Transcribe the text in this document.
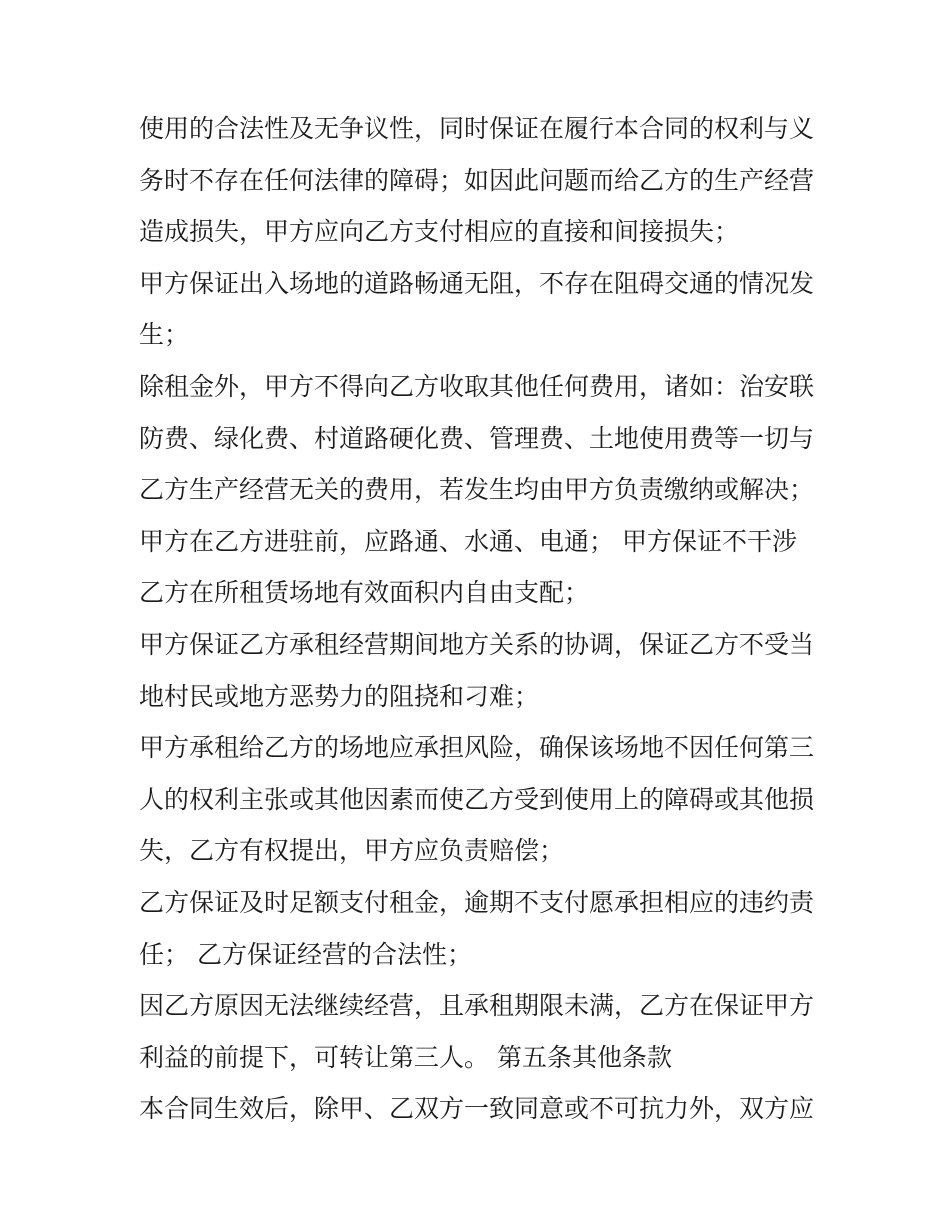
使用的合法性及无争议性，同时保证在履行本合同的权利与义
务时不存在任何法律的障碍；如因此问题而给乙方的生产经营
造成损失，甲方应向乙方支付相应的直接和间接损失；
甲方保证出入场地的道路畅通无阻，不存在阻碍交通的情况发
生；
除租金外，甲方不得向乙方收取其他任何费用，诸如：治安联
防费、绿化费、村道路硬化费、管理费、土地使用费等一切与
乙方生产经营无关的费用，若发生均由甲方负责缴纳或解决；
甲方在乙方进驻前，应路通、水通、电通； 甲方保证不干涉
乙方在所租赁场地有效面积内自由支配；
甲方保证乙方承租经营期间地方关系的协调，保证乙方不受当
地村民或地方恶势力的阻挠和刁难；
甲方承租给乙方的场地应承担风险，确保该场地不因任何第三
人的权利主张或其他因素而使乙方受到使用上的障碍或其他损
失，乙方有权提出，甲方应负责赔偿；
乙方保证及时足额支付租金，逾期不支付愿承担相应的违约责
任； 乙方保证经营的合法性；
因乙方原因无法继续经营，且承租期限未满，乙方在保证甲方
利益的前提下，可转让第三人。 第五条其他条款
本合同生效后，除甲、乙双方一致同意或不可抗力外，双方应
